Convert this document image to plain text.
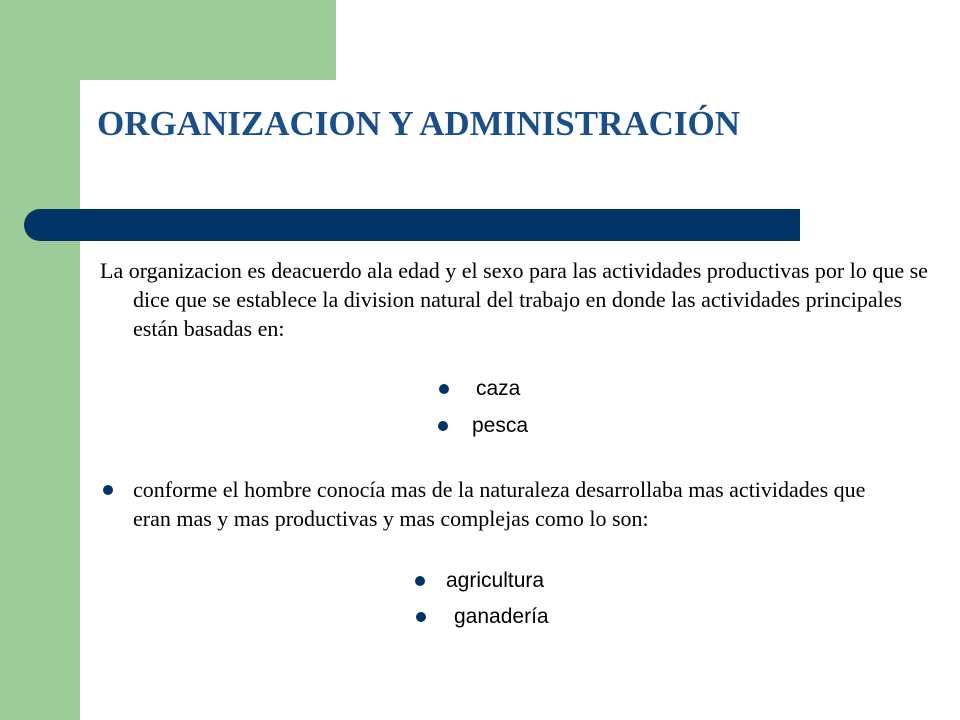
ORGANIZACION Y ADMINISTRACIÓN

La organizacion es deacuerdo ala edad y el sexo para las actividades productivas por lo que se dice que se establece la division natural del trabajo en donde las actividades principales están basadas en:

caza
pesca

conforme el hombre conocía mas de la naturaleza desarrollaba mas actividades que eran mas y mas productivas y mas complejas como lo son:

agricultura
ganadería
